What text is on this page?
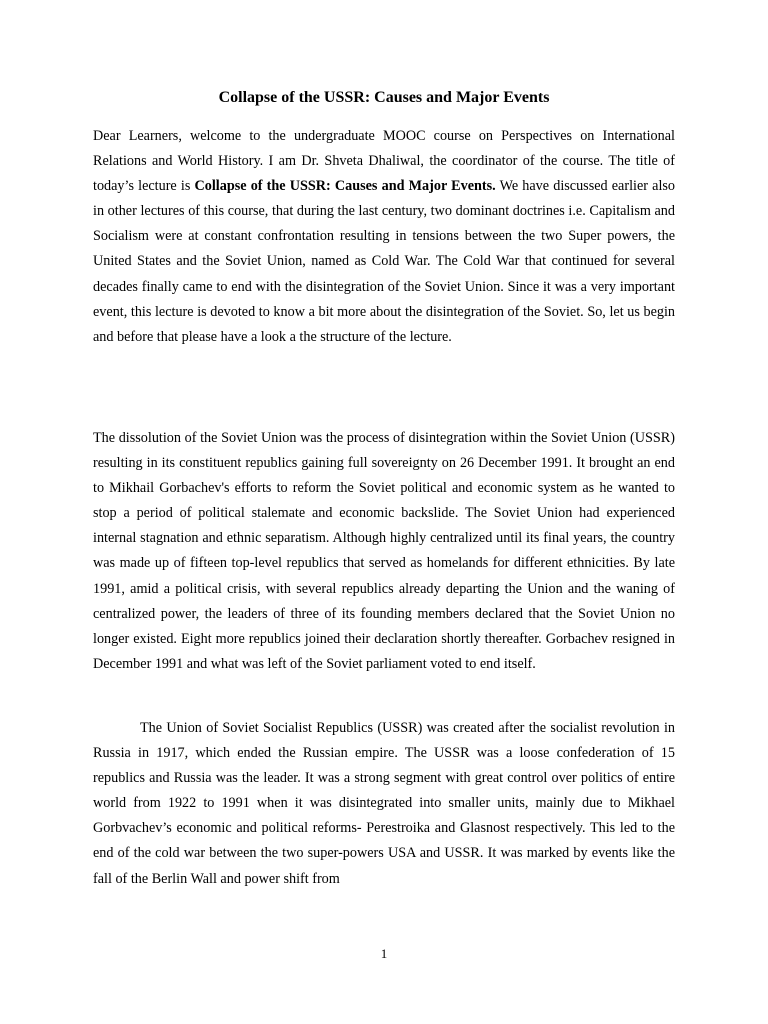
Collapse of the USSR: Causes and Major Events

Dear Learners, welcome to the undergraduate MOOC course on Perspectives on International Relations and World History. I am Dr. Shveta Dhaliwal, the coordinator of the course. The title of today’s lecture is Collapse of the USSR: Causes and Major Events. We have discussed earlier also in other lectures of this course, that during the last century, two dominant doctrines i.e. Capitalism and Socialism were at constant confrontation resulting in tensions between the two Super powers, the United States and the Soviet Union, named as Cold War. The Cold War that continued for several decades finally came to end with the disintegration of the Soviet Union. Since it was a very important event, this lecture is devoted to know a bit more about the disintegration of the Soviet. So, let us begin and before that please have a look a the structure of the lecture.

The dissolution of the Soviet Union was the process of disintegration within the Soviet Union (USSR) resulting in its constituent republics gaining full sovereignty on 26 December 1991. It brought an end to Mikhail Gorbachev's efforts to reform the Soviet political and economic system as he wanted to stop a period of political stalemate and economic backslide. The Soviet Union had experienced internal stagnation and ethnic separatism. Although highly centralized until its final years, the country was made up of fifteen top-level republics that served as homelands for different ethnicities. By late 1991, amid a political crisis, with several republics already departing the Union and the waning of centralized power, the leaders of three of its founding members declared that the Soviet Union no longer existed. Eight more republics joined their declaration shortly thereafter. Gorbachev resigned in December 1991 and what was left of the Soviet parliament voted to end itself.

The Union of Soviet Socialist Republics (USSR) was created after the socialist revolution in Russia in 1917, which ended the Russian empire. The USSR was a loose confederation of 15 republics and Russia was the leader. It was a strong segment with great control over politics of entire world from 1922 to 1991 when it was disintegrated into smaller units, mainly due to Mikhael Gorbvachev’s economic and political reforms- Perestroika and Glasnost respectively. This led to the end of the cold war between the two super-powers USA and USSR. It was marked by events like the fall of the Berlin Wall and power shift from

1
